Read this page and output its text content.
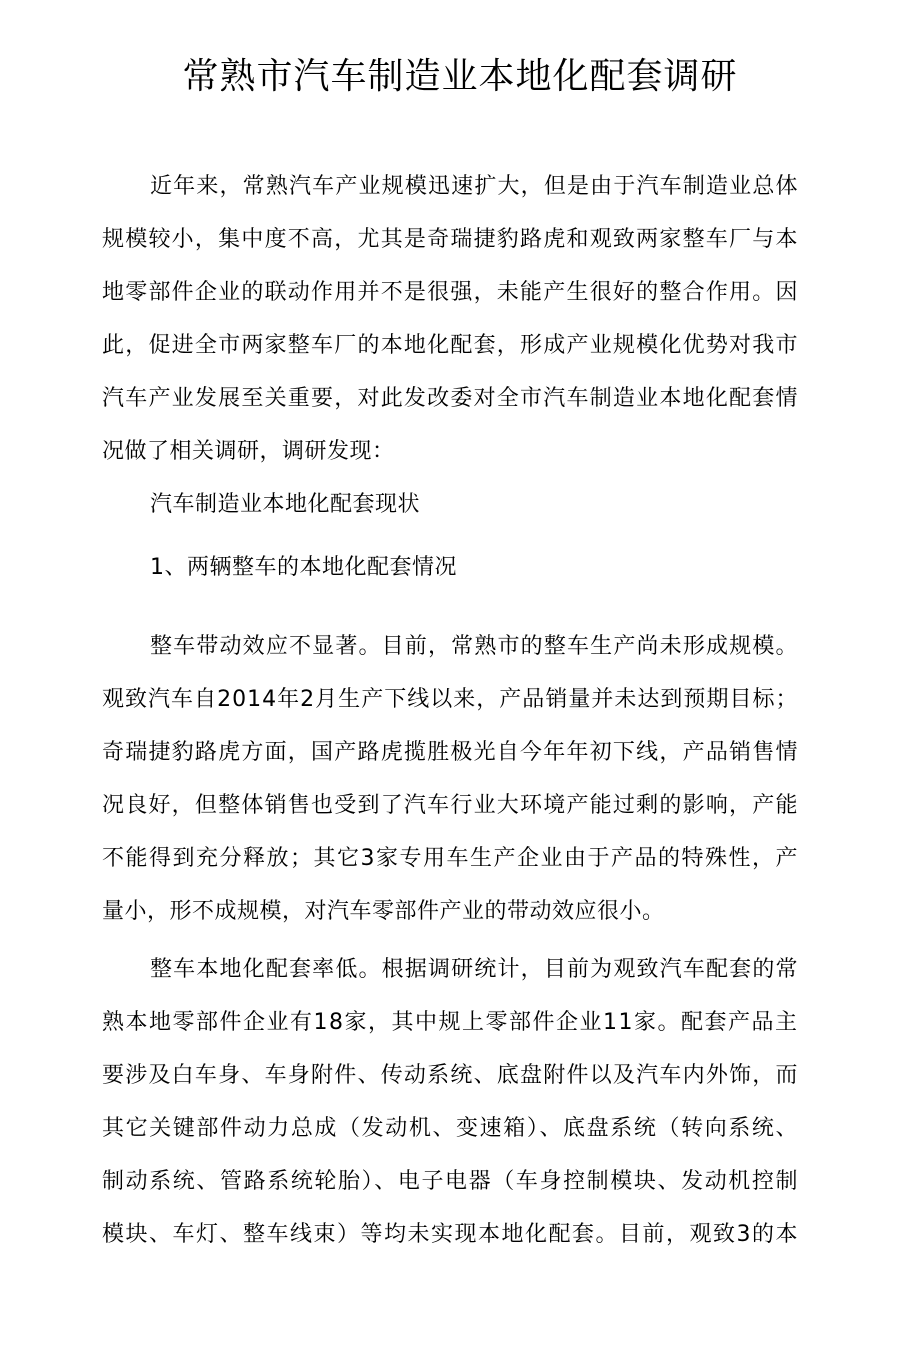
常熟市汽车制造业本地化配套调研
近年来，常熟汽车产业规模迅速扩大，但是由于汽车制造业总体
规模较小，集中度不高，尤其是奇瑞捷豹路虎和观致两家整车厂与本
地零部件企业的联动作用并不是很强，未能产生很好的整合作用。因
此，促进全市两家整车厂的本地化配套，形成产业规模化优势对我市
汽车产业发展至关重要，对此发改委对全市汽车制造业本地化配套情
况做了相关调研，调研发现：
汽车制造业本地化配套现状
1、两辆整车的本地化配套情况
整车带动效应不显著。目前，常熟市的整车生产尚未形成规模。
观致汽车自2014年2月生产下线以来，产品销量并未达到预期目标；
奇瑞捷豹路虎方面，国产路虎揽胜极光自今年年初下线，产品销售情
况良好，但整体销售也受到了汽车行业大环境产能过剩的影响，产能
不能得到充分释放；其它3家专用车生产企业由于产品的特殊性，产
量小，形不成规模，对汽车零部件产业的带动效应很小。
整车本地化配套率低。根据调研统计，目前为观致汽车配套的常
熟本地零部件企业有18家，其中规上零部件企业11家。配套产品主
要涉及白车身、车身附件、传动系统、底盘附件以及汽车内外饰，而
其它关键部件动力总成（发动机、变速箱）、底盘系统（转向系统、
制动系统、管路系统轮胎）、电子电器（车身控制模块、发动机控制
模块、车灯、整车线束）等均未实现本地化配套。目前，观致3的本
